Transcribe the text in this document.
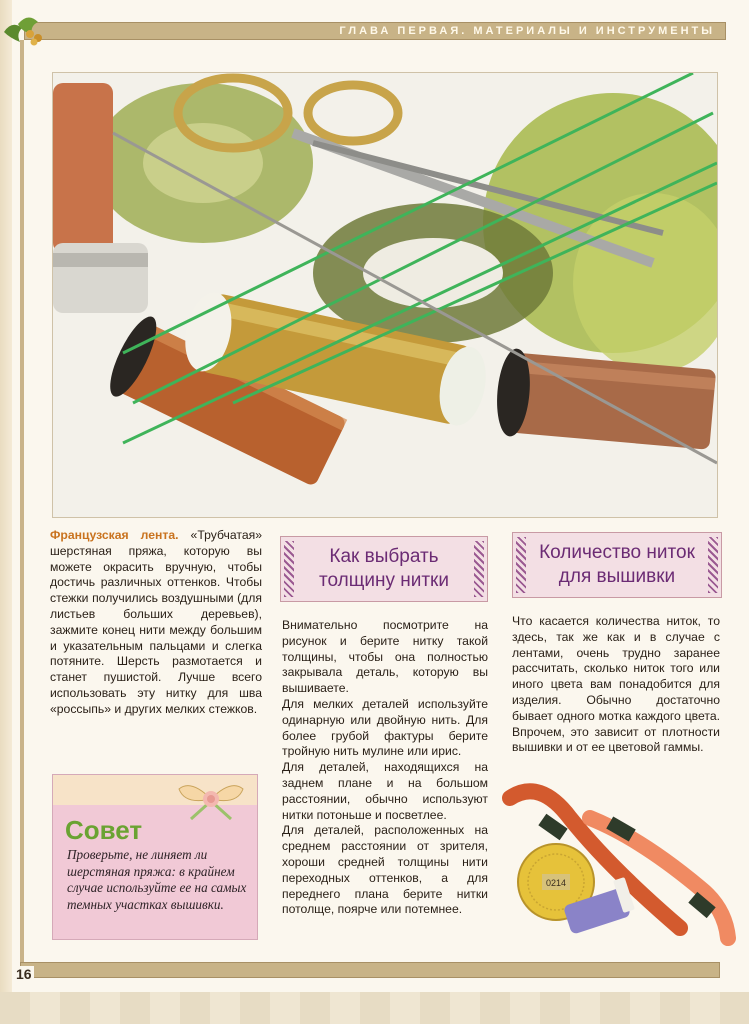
ГЛАВА ПЕРВАЯ. МАТЕРИАЛЫ И ИНСТРУМЕНТЫ

Французская лента. «Трубчатая» шерстяная пряжа, которую вы можете окрасить вручную, чтобы достичь различных оттенков. Чтобы стежки получились воздушными (для листьев больших деревьев), зажмите конец нити между большим и указательным пальцами и слегка потяните. Шерсть размотается и станет пушистой. Лучше всего использовать эту нитку для шва «россыпь» и других мелких стежков.

Совет
Проверьте, не линяет ли шерстяная пряжа: в крайнем случае используйте ее на самых темных участках вышивки.
Как выбрать
толщину нитки

Внимательно посмотрите на рисунок и берите нитку такой толщины, чтобы она полностью закрывала деталь, которую вы вышиваете.

Для мелких деталей используйте одинарную или двойную нить. Для более грубой фактуры берите тройную нить мулине или ирис.

Для деталей, находящихся на заднем плане и на большом расстоянии, обычно используют нитки потоньше и посветлее.

Для деталей, расположенных на среднем расстоянии от зрителя, хороши средней толщины нити переходных оттенков, а для переднего плана берите нитки потолще, поярче или потемнее.

Количество ниток
для вышивки

Что касается количества ниток, то здесь, так же как и в случае с лентами, очень трудно заранее рассчитать, сколько ниток того или иного цвета вам понадобится для изделия. Обычно достаточно бывает одного мотка каждого цвета. Впрочем, это зависит от плотности вышивки и от ее цветовой гаммы.

0214
16
